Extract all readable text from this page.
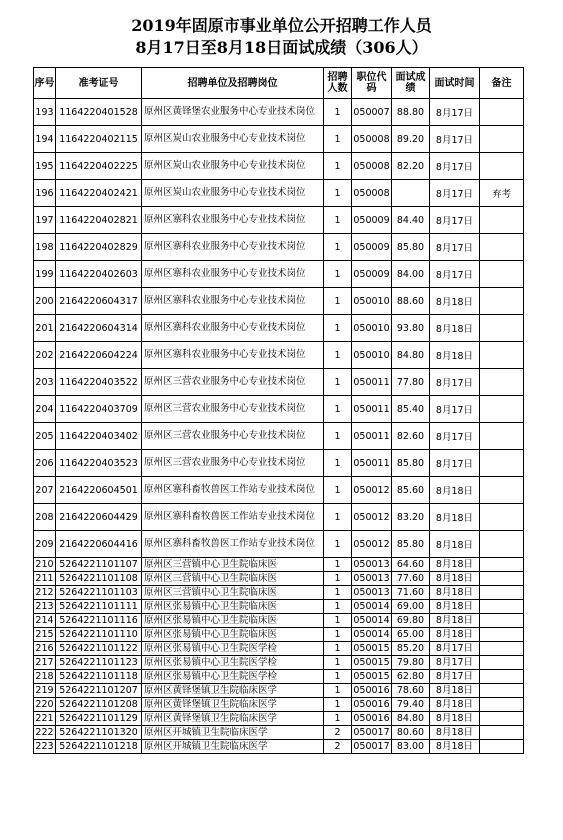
2019年固原市事业单位公开招聘工作人员
8月17日至8月18日面试成绩（306人）
序号	准考证号	招聘单位及招聘岗位	招聘人数	职位代码	面试成绩	面试时间	备注
193	1164220401528	原州区黄铎堡农业服务中心专业技术岗位	1	050007	88.80	8月17日	
194	1164220402115	原州区炭山农业服务中心专业技术岗位	1	050008	89.20	8月17日	
195	1164220402225	原州区炭山农业服务中心专业技术岗位	1	050008	82.20	8月17日	
196	1164220402421	原州区炭山农业服务中心专业技术岗位	1	050008		8月17日	弃考
197	1164220402821	原州区寨科农业服务中心专业技术岗位	1	050009	84.40	8月17日	
198	1164220402829	原州区寨科农业服务中心专业技术岗位	1	050009	85.80	8月17日	
199	1164220402603	原州区寨科农业服务中心专业技术岗位	1	050009	84.00	8月17日	
200	2164220604317	原州区寨科农业服务中心专业技术岗位	1	050010	88.60	8月18日	
201	2164220604314	原州区寨科农业服务中心专业技术岗位	1	050010	93.80	8月18日	
202	2164220604224	原州区寨科农业服务中心专业技术岗位	1	050010	84.80	8月18日	
203	1164220403522	原州区三营农业服务中心专业技术岗位	1	050011	77.80	8月17日	
204	1164220403709	原州区三营农业服务中心专业技术岗位	1	050011	85.40	8月17日	
205	1164220403402	原州区三营农业服务中心专业技术岗位	1	050011	82.60	8月17日	
206	1164220403523	原州区三营农业服务中心专业技术岗位	1	050011	85.80	8月17日	
207	2164220604501	原州区寨科畜牧兽医工作站专业技术岗位	1	050012	85.60	8月18日	
208	2164220604429	原州区寨科畜牧兽医工作站专业技术岗位	1	050012	83.20	8月18日	
209	2164220604416	原州区寨科畜牧兽医工作站专业技术岗位	1	050012	85.80	8月18日	
210	5264221101107	原州区三营镇中心卫生院临床医	1	050013	64.60	8月18日	
211	5264221101108	原州区三营镇中心卫生院临床医	1	050013	77.60	8月18日	
212	5264221101103	原州区三营镇中心卫生院临床医	1	050013	71.60	8月18日	
213	5264221101111	原州区张易镇中心卫生院临床医	1	050014	69.00	8月18日	
214	5264221101116	原州区张易镇中心卫生院临床医	1	050014	69.80	8月18日	
215	5264221101110	原州区张易镇中心卫生院临床医	1	050014	65.00	8月18日	
216	5264221101122	原州区张易镇中心卫生院医学检	1	050015	85.20	8月17日	
217	5264221101123	原州区张易镇中心卫生院医学检	1	050015	79.80	8月17日	
218	5264221101118	原州区张易镇中心卫生院医学检	1	050015	62.80	8月17日	
219	5264221101207	原州区黄铎堡镇卫生院临床医学	1	050016	78.60	8月18日	
220	5264221101208	原州区黄铎堡镇卫生院临床医学	1	050016	79.40	8月18日	
221	5264221101129	原州区黄铎堡镇卫生院临床医学	1	050016	84.80	8月18日	
222	5264221101320	原州区开城镇卫生院临床医学	2	050017	80.60	8月18日	
223	5264221101218	原州区开城镇卫生院临床医学	2	050017	83.00	8月18日	
